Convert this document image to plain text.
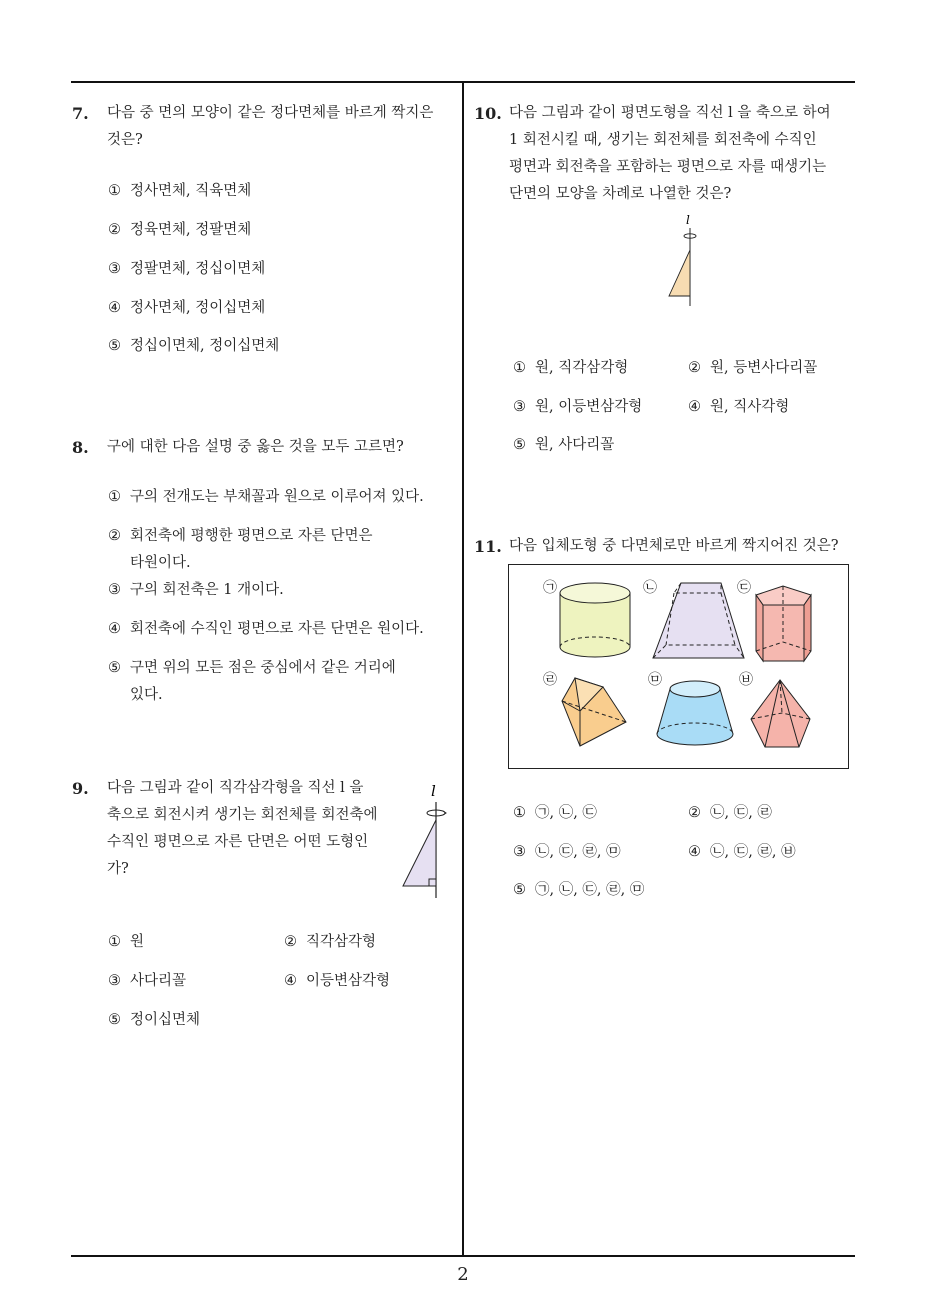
7. 다음 중 면의 모양이 같은 정다면체를 바르게 짝지은
것은?
① 정사면체, 직육면체
② 정육면체, 정팔면체
③ 정팔면체, 정십이면체
④ 정사면체, 정이십면체
⑤ 정십이면체, 정이십면체
8. 구에 대한 다음 설명 중 옳은 것을 모두 고르면?
① 구의 전개도는 부채꼴과 원으로 이루어져 있다.
② 회전축에 평행한 평면으로 자른 단면은
타원이다.
③ 구의 회전축은 1 개이다.
④ 회전축에 수직인 평면으로 자른 단면은 원이다.
⑤ 구면 위의 모든 점은 중심에서 같은 거리에
있다.
9. 다음 그림과 같이 직각삼각형을 직선 l 을
축으로 회전시켜 생기는 회전체를 회전축에
수직인 평면으로 자른 단면은 어떤 도형인
가?
l
① 원	② 직각삼각형
③ 사다리꼴	④ 이등변삼각형
⑤ 정이십면체
10. 다음 그림과 같이 평면도형을 직선 l 을 축으로 하여
1 회전시킬 때, 생기는 회전체를 회전축에 수직인
평면과 회전축을 포함하는 평면으로 자를 때생기는
단면의 모양을 차례로 나열한 것은?
l
① 원, 직각삼각형	② 원, 등변사다리꼴
③ 원, 이등변삼각형	④ 원, 직사각형
⑤ 원, 사다리꼴
11. 다음 입체도형 중 다면체로만 바르게 짝지어진 것은?
㉠	㉡	㉢
㉣	㉤	㉥
① ㉠, ㉡, ㉢	② ㉡, ㉢, ㉣
③ ㉡, ㉢, ㉣, ㉤	④ ㉡, ㉢, ㉣, ㉥
⑤ ㉠, ㉡, ㉢, ㉣, ㉤
2
